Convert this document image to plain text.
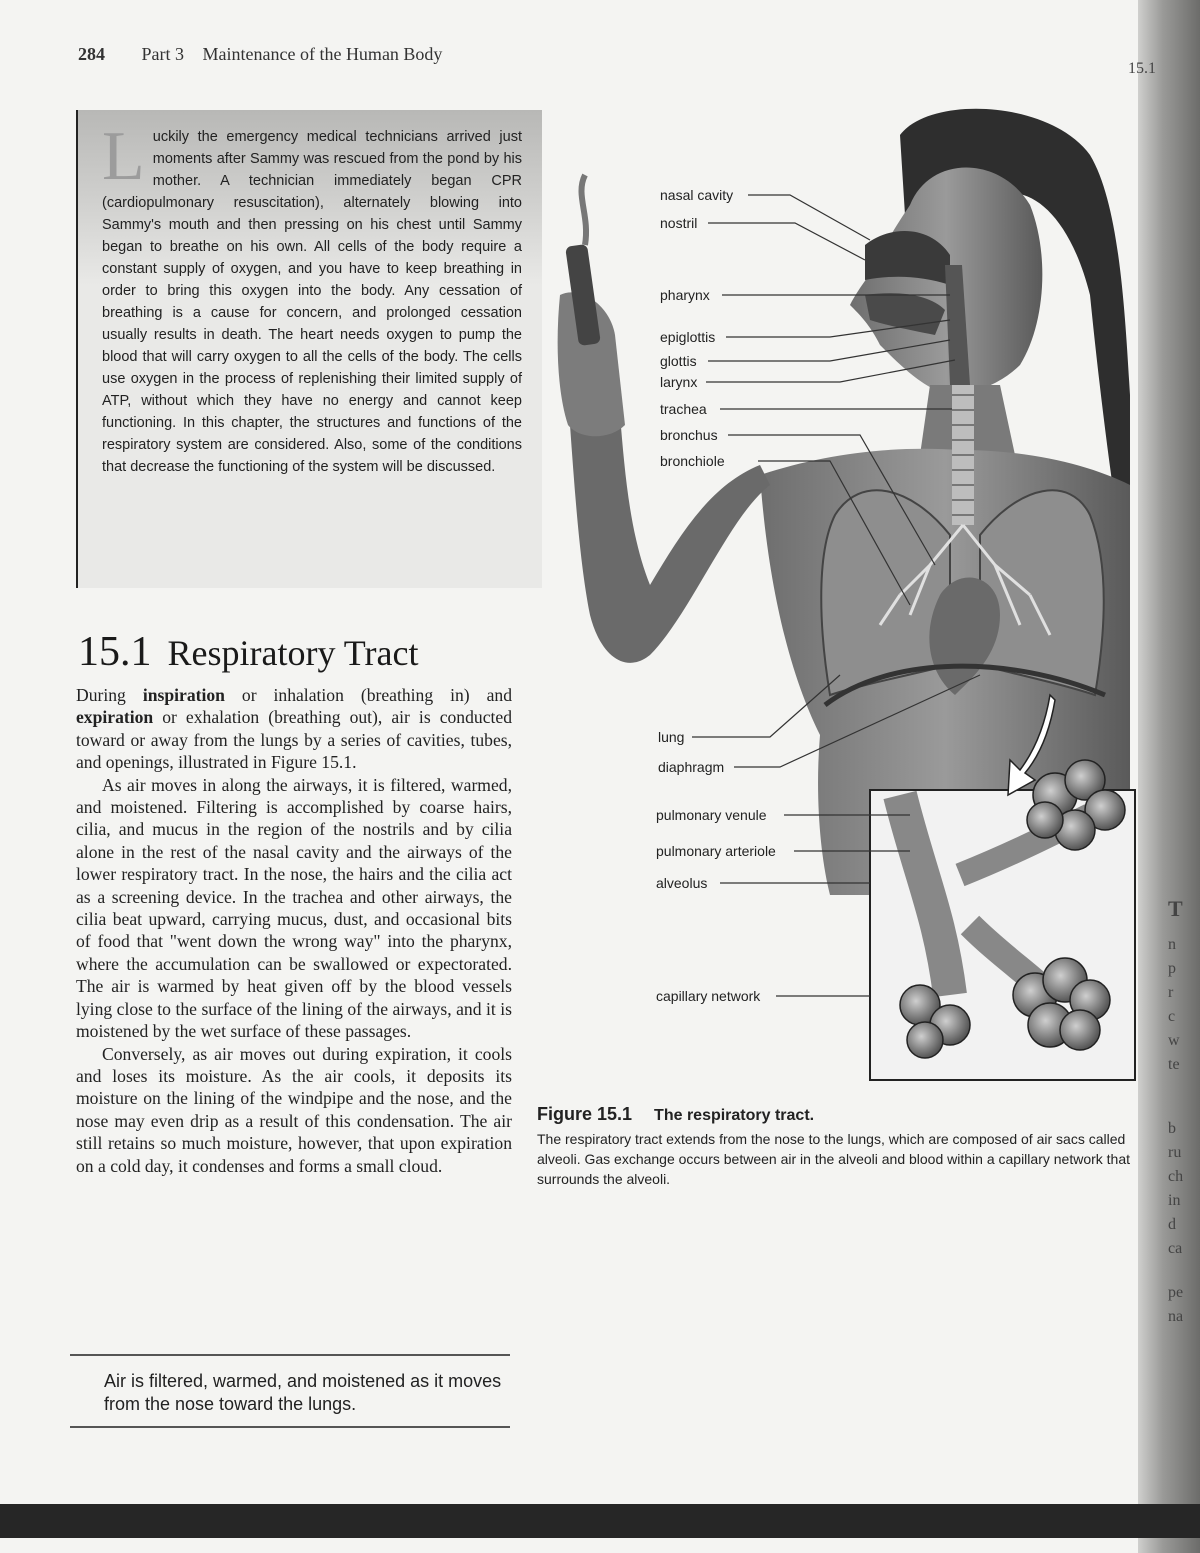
284 Part 3 Maintenance of the Human Body

Luckily the emergency medical technicians arrived just moments after Sammy was rescued from the pond by his mother. A technician immediately began CPR (cardiopulmonary resuscitation), alternately blowing into Sammy's mouth and then pressing on his chest until Sammy began to breathe on his own. All cells of the body require a constant supply of oxygen, and you have to keep breathing in order to bring this oxygen into the body. Any cessation of breathing is a cause for concern, and prolonged cessation usually results in death. The heart needs oxygen to pump the blood that will carry oxygen to all the cells of the body. The cells use oxygen in the process of replenishing their limited supply of ATP, without which they have no energy and cannot keep functioning. In this chapter, the structures and functions of the respiratory system are considered. Also, some of the conditions that decrease the functioning of the system will be discussed.

15.1 Respiratory Tract

During inspiration or inhalation (breathing in) and expiration or exhalation (breathing out), air is conducted toward or away from the lungs by a series of cavities, tubes, and openings, illustrated in Figure 15.1.

As air moves in along the airways, it is filtered, warmed, and moistened. Filtering is accomplished by coarse hairs, cilia, and mucus in the region of the nostrils and by cilia alone in the rest of the nasal cavity and the airways of the lower respiratory tract. In the nose, the hairs and the cilia act as a screening device. In the trachea and other airways, the cilia beat upward, carrying mucus, dust, and occasional bits of food that "went down the wrong way" into the pharynx, where the accumulation can be swallowed or expectorated. The air is warmed by heat given off by the blood vessels lying close to the surface of the lining of the airways, and it is moistened by the wet surface of these passages.

Conversely, as air moves out during expiration, it cools and loses its moisture. As the air cools, it deposits its moisture on the lining of the windpipe and the nose, and the nose may even drip as a result of this condensation. The air still retains so much moisture, however, that upon expiration on a cold day, it condenses and forms a small cloud.

Air is filtered, warmed, and moistened as it moves from the nose toward the lungs.
nasal cavity
nostril
pharynx
epiglottis
glottis
larynx
trachea
bronchus
bronchiole
lung
diaphragm
pulmonary venule
pulmonary arteriole
alveolus
capillary network
Figure 15.1 The respiratory tract.
The respiratory tract extends from the nose to the lungs, which are composed of air sacs called alveoli. Gas exchange occurs between air in the alveoli and blood within a capillary network that surrounds the alveoli.
15.1
T
n
p
r
c
w
te
b
ru
ch
in
d
ca
pe
na
